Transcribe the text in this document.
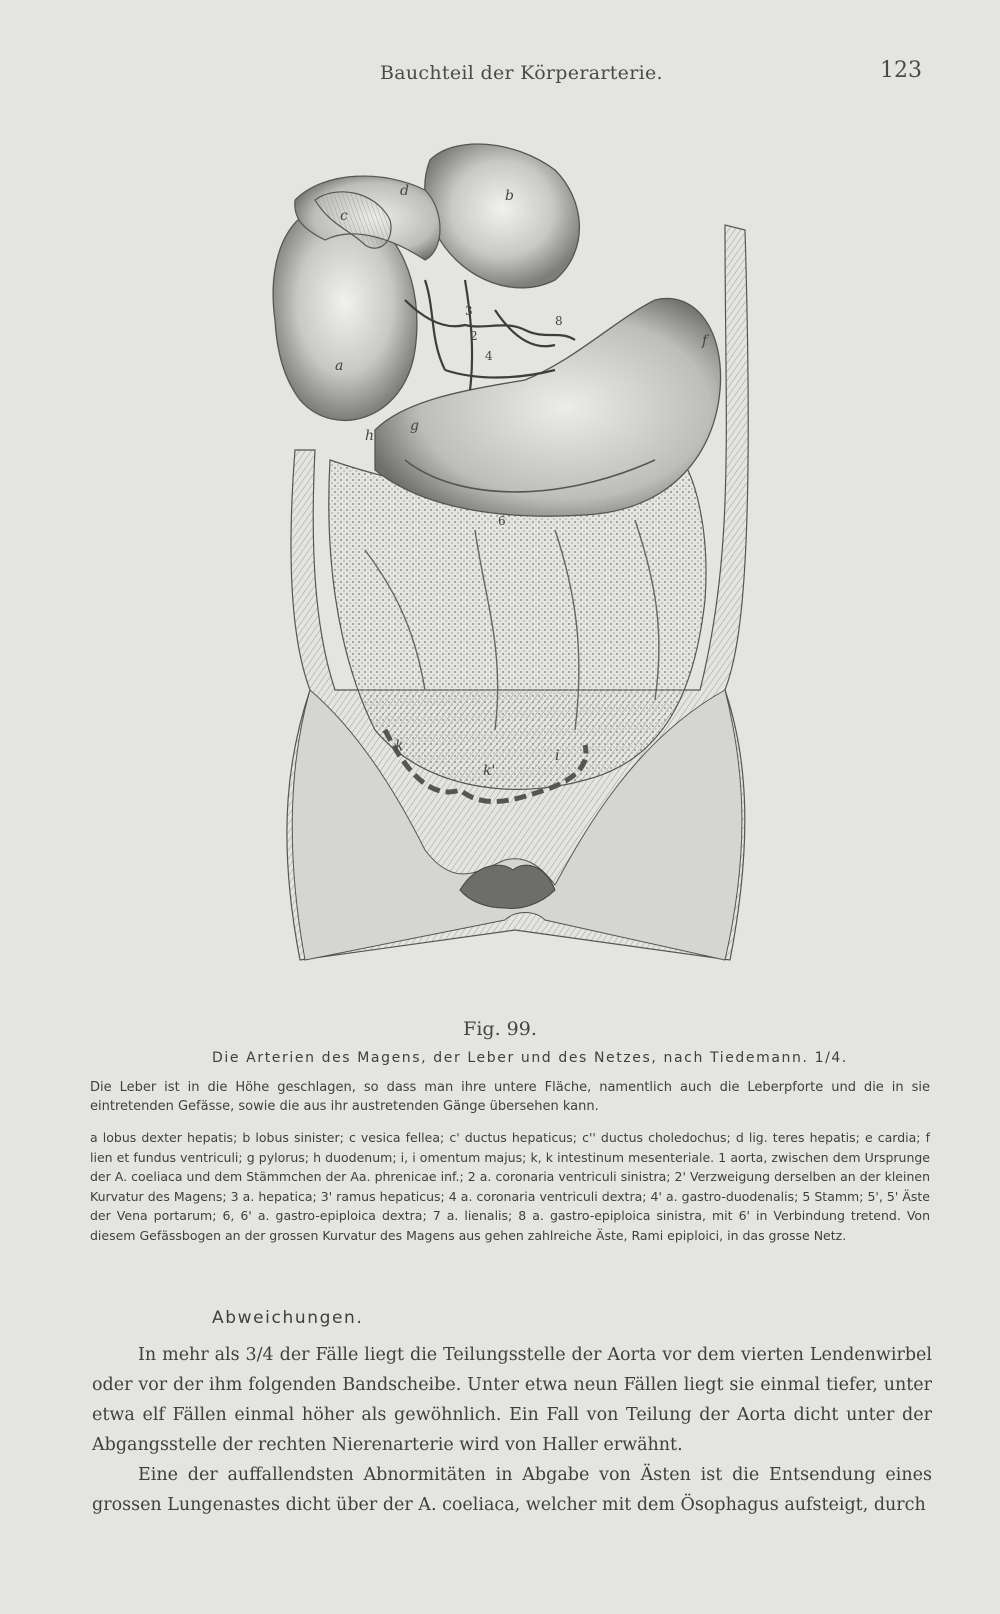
Bauchteil der Körperarterie.	123
a
b
c
d
f
g
h
i
k
k'
2
3
4
6
8
Fig. 99.
Die Arterien des Magens, der Leber und des Netzes, nach Tiedemann. 1/4.
Die Leber ist in die Höhe geschlagen, so dass man ihre untere Fläche, namentlich auch die Leberpforte und die in sie eintretenden Gefässe, sowie die aus ihr austretenden Gänge übersehen kann.
a lobus dexter hepatis; b lobus sinister; c vesica fellea; c' ductus hepaticus; c'' ductus choledochus; d lig. teres hepatis; e cardia; f lien et fundus ventriculi; g pylorus; h duodenum; i, i omentum majus; k, k intestinum mesenteriale. 1 aorta, zwischen dem Ursprunge der A. coeliaca und dem Stämmchen der Aa. phrenicae inf.; 2 a. coronaria ventriculi sinistra; 2' Verzweigung derselben an der kleinen Kurvatur des Magens; 3 a. hepatica; 3' ramus hepaticus; 4 a. coronaria ventriculi dextra; 4' a. gastro-duodenalis; 5 Stamm; 5', 5' Äste der Vena portarum; 6, 6' a. gastro-epiploica dextra; 7 a. lienalis; 8 a. gastro-epiploica sinistra, mit 6' in Verbindung tretend. Von diesem Gefässbogen an der grossen Kurvatur des Magens aus gehen zahlreiche Äste, Rami epiploici, in das grosse Netz.
Abweichungen.

In mehr als 3/4 der Fälle liegt die Teilungsstelle der Aorta vor dem vierten Lendenwirbel oder vor der ihm folgenden Bandscheibe. Unter etwa neun Fällen liegt sie einmal tiefer, unter etwa elf Fällen einmal höher als gewöhnlich. Ein Fall von Teilung der Aorta dicht unter der Abgangsstelle der rechten Nierenarterie wird von Haller erwähnt.

Eine der auffallendsten Abnormitäten in Abgabe von Ästen ist die Entsendung eines grossen Lungenastes dicht über der A. coeliaca, welcher mit dem Ösophagus aufsteigt, durch
